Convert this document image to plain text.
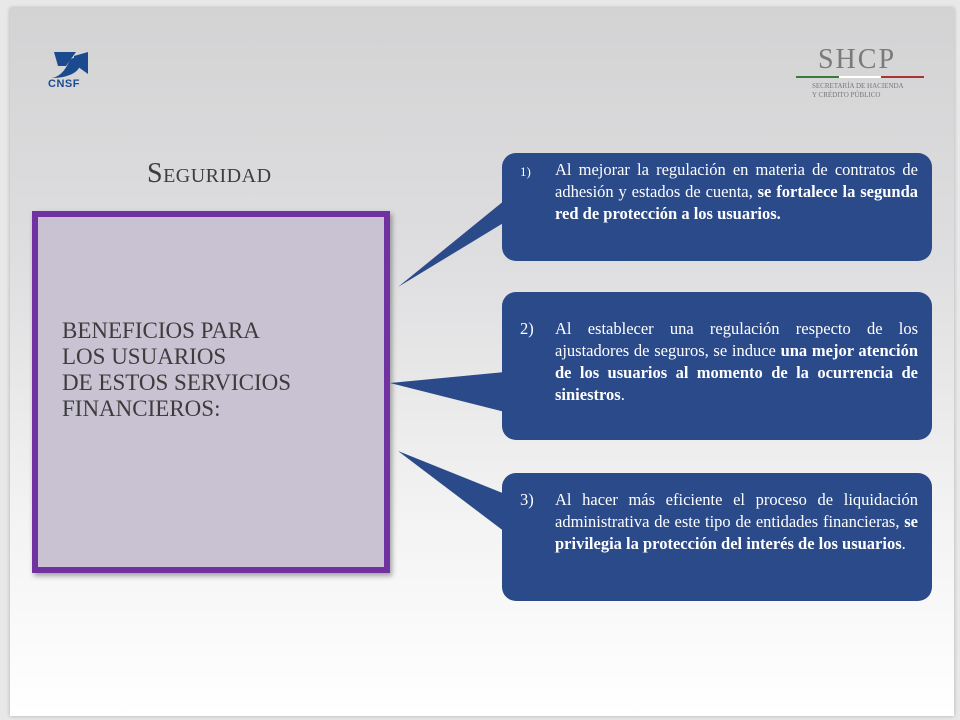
CNSF
SHCP
SECRETARÍA DE HACIENDA
Y CRÉDITO PÚBLICO
Seguridad
BENEFICIOS PARA
LOS USUARIOS
DE ESTOS SERVICIOS
FINANCIEROS:
1) Al mejorar la regulación en materia de contratos de adhesión y estados de cuenta, se fortalece la segunda red de protección a los usuarios.
2) Al establecer una regulación respecto de los ajustadores de seguros, se induce una mejor atención de los usuarios al momento de la ocurrencia de siniestros.
3) Al hacer más eficiente el proceso de liquidación administrativa de este tipo de entidades financieras, se privilegia la protección del interés de los usuarios.
